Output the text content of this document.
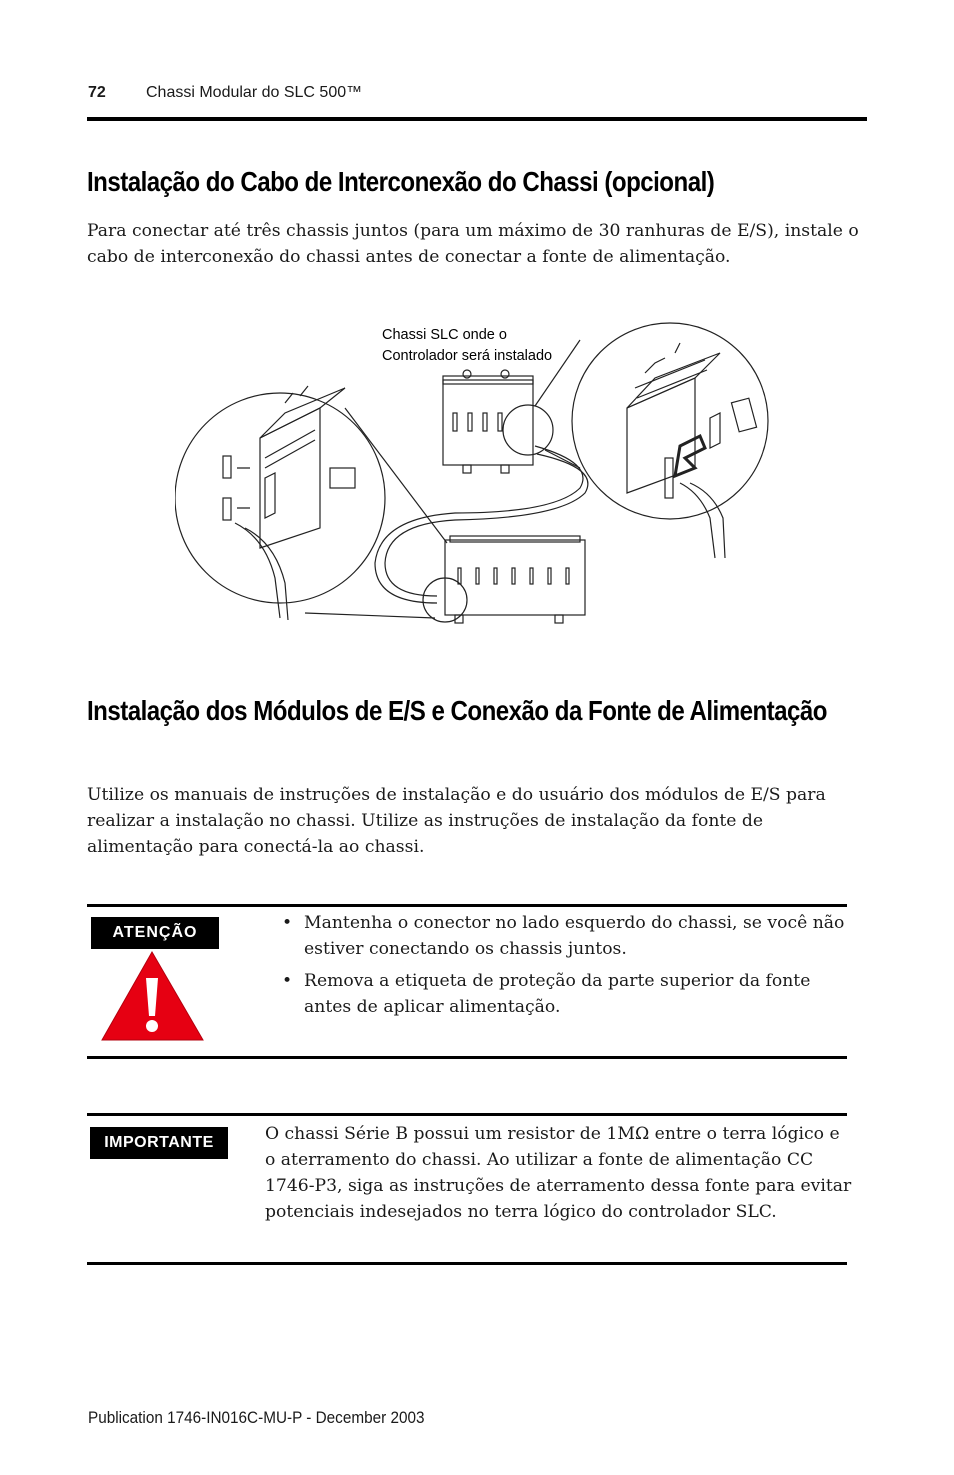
72	Chassi Modular do SLC 500™
Instalação do Cabo de Interconexão do Chassi (opcional)

Para conectar até três chassis juntos (para um máximo de 30 ranhuras de E/S), instale o cabo de interconexão do chassi antes de conectar a fonte de alimentação.

Chassi SLC onde o
Controlador será instalado
Instalação dos Módulos de E/S e Conexão da Fonte de Alimentação

Utilize os manuais de instruções de instalação e do usuário dos módulos de E/S para realizar a instalação no chassi. Utilize as instruções de instalação da fonte de alimentação para conectá-la ao chassi.

ATENÇÃO
•	Mantenha o conector no lado esquerdo do chassi, se você não estiver conectando os chassis juntos.
• Remova a etiqueta de proteção da parte superior da fonte antes de aplicar alimentação.
IMPORTANTE	O chassi Série B possui um resistor de 1MΩ entre o terra lógico e o aterramento do chassi. Ao utilizar a fonte de alimentação CC 1746-P3, siga as instruções de aterramento dessa fonte para evitar potenciais indesejados no terra lógico do controlador SLC.

Publication 1746-IN016C-MU-P - December 2003
